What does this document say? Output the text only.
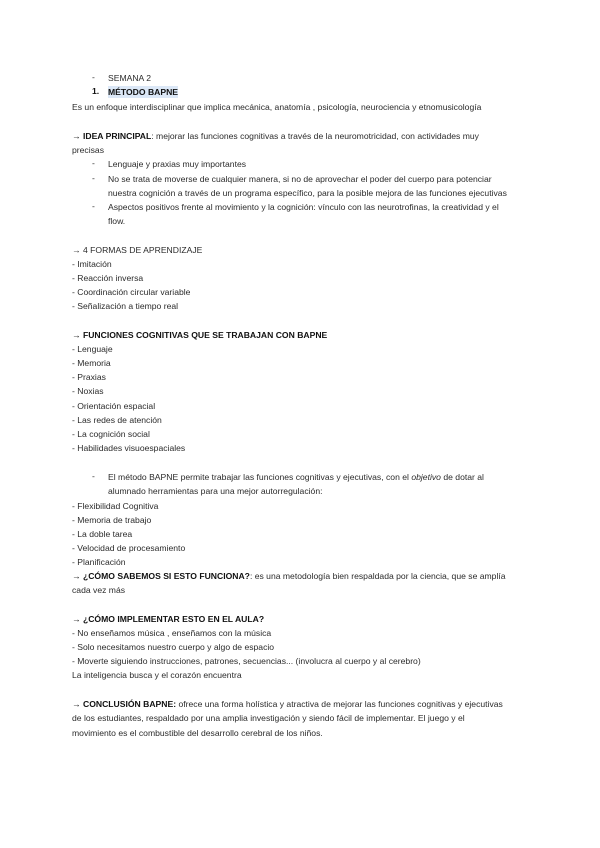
- SEMANA 2
1. MÉTODO BAPNE
Es un enfoque interdisciplinar que implica mecánica, anatomía , psicología, neurociencia y etnomusicología
→ IDEA PRINCIPAL: mejorar las funciones cognitivas a través de la neuromotricidad, con actividades muy
precisas
- Lenguaje y praxias muy importantes
- No se trata de moverse de cualquier manera, si no de aprovechar el poder del cuerpo para potenciar
nuestra cognición a través de un programa específico, para la posible mejora de las funciones ejecutivas
- Aspectos positivos frente al movimiento y la cognición: vínculo con las neurotrofinas, la creatividad y el
flow.
→ 4 FORMAS DE APRENDIZAJE
- Imitación
- Reacción inversa
- Coordinación circular variable
- Señalización a tiempo real
→ FUNCIONES COGNITIVAS QUE SE TRABAJAN CON BAPNE
- Lenguaje
- Memoria
- Praxias
- Noxias
- Orientación espacial
- Las redes de atención
- La cognición social
- Habilidades visuoespaciales
- El método BAPNE permite trabajar las funciones cognitivas y ejecutivas, con el objetivo de dotar al
alumnado herramientas para una mejor autorregulación:
- Flexibilidad Cognitiva
- Memoria de trabajo
- La doble tarea
- Velocidad de procesamiento
- Planificación
→ ¿CÓMO SABEMOS SI ESTO FUNCIONA?: es una metodología bien respaldada por la ciencia, que se amplía
cada vez más
→ ¿CÓMO IMPLEMENTAR ESTO EN EL AULA?
- No enseñamos música , enseñamos con la música
- Solo necesitamos nuestro cuerpo y algo de espacio
- Moverte siguiendo instrucciones, patrones, secuencias... (involucra al cuerpo y al cerebro)
La inteligencia busca y el corazón encuentra
→ CONCLUSIÓN BAPNE: ofrece una forma holística y atractiva de mejorar las funciones cognitivas y ejecutivas
de los estudiantes, respaldado por una amplia investigación y siendo fácil de implementar. El juego y el
movimiento es el combustible del desarrollo cerebral de los niños.
